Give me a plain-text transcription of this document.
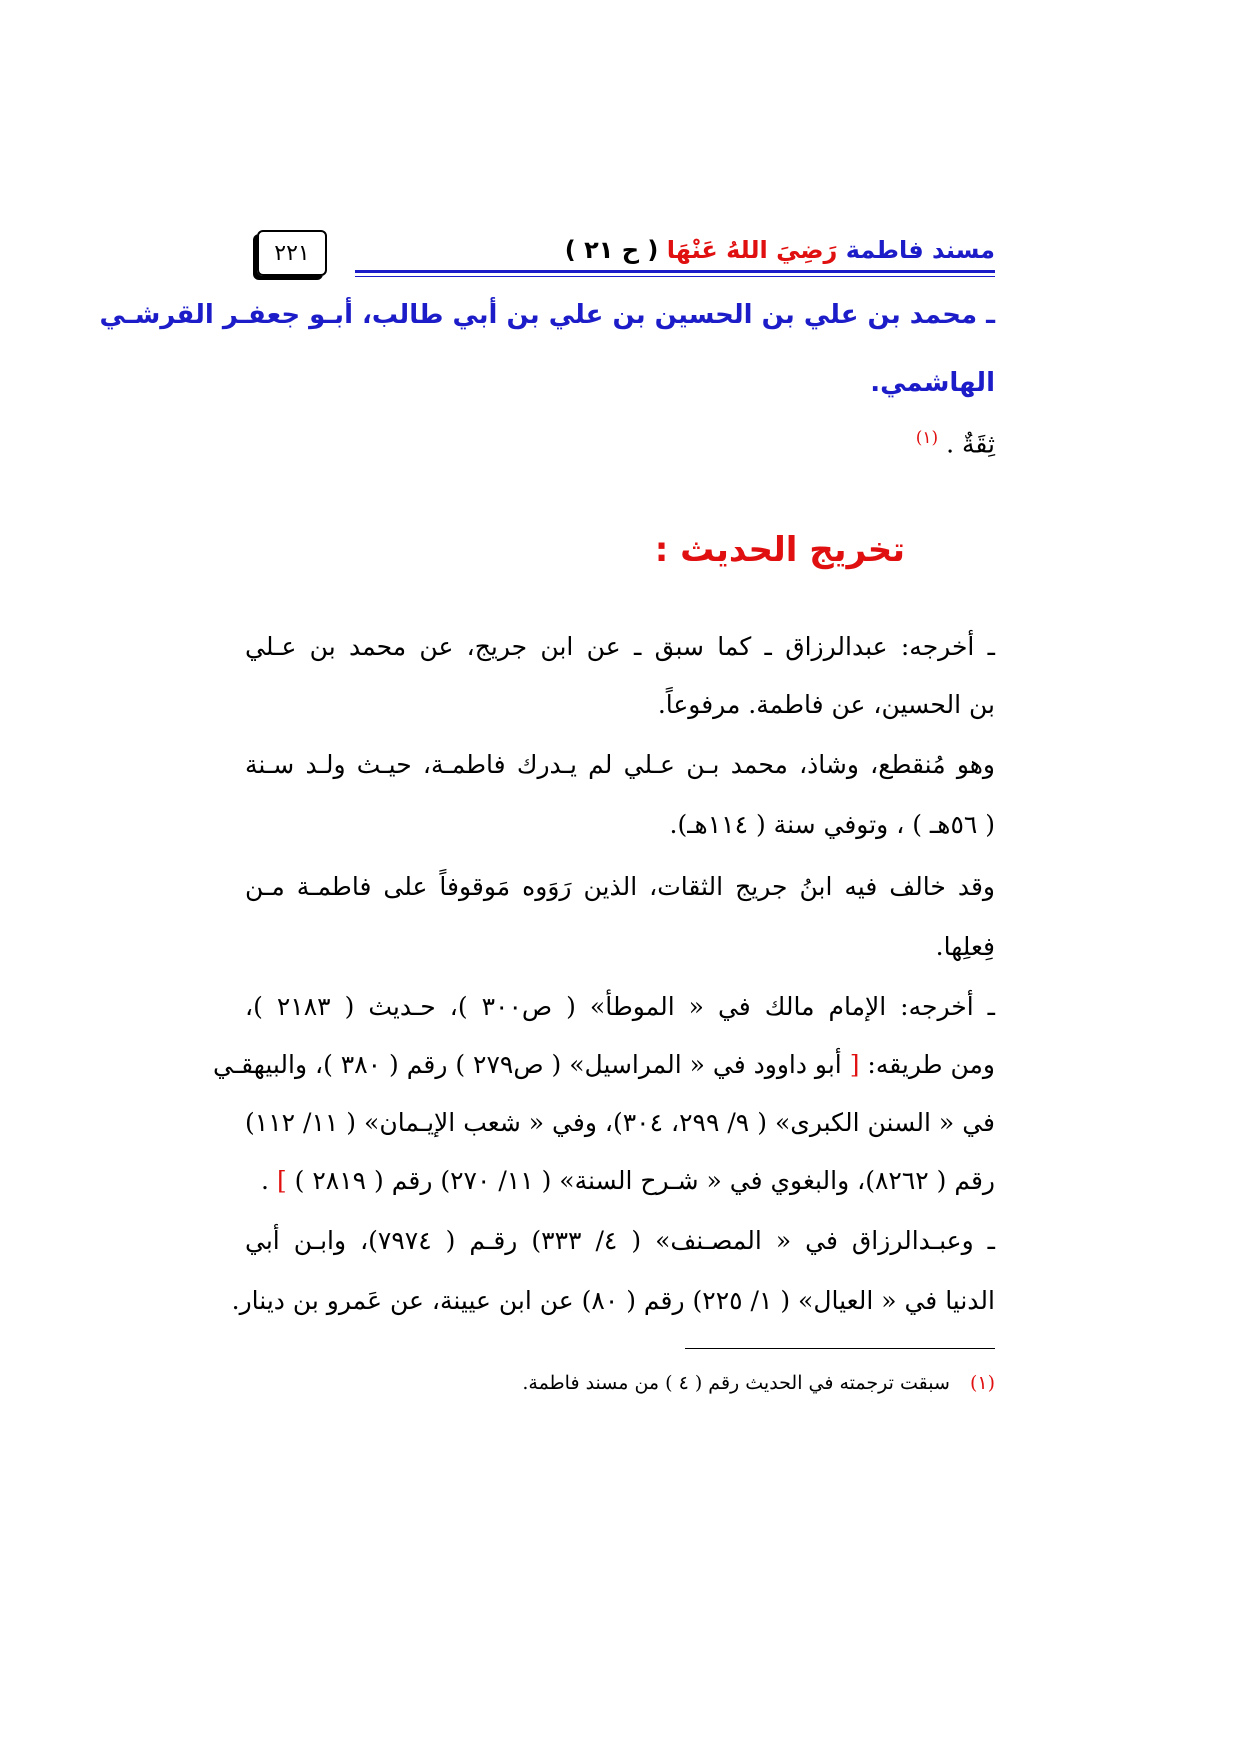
مسند فاطمة رَضِيَ اللهُ عَنْهَا ( ح ٢١ )
٢٢١
ـ محمد بن علي بن الحسين بن علي بن أبي طالب، أبـو جعفـر القرشـي
الهاشمي.
ثِقَةٌ . $^{(١)}$
تخريج الحديث :
ـ أخرجه: عبدالرزاق ـ كما سبق ـ عن ابن جريج، عن محمد بن عـلي
بن الحسين، عن فاطمة. مرفوعاً.
وهو مُنقطع، وشاذ، محمد بـن عـلي لم يـدرك فاطمـة، حيـث ولـد سـنة
( ٥٦هـ ) ، وتوفي سنة ( ١١٤هـ).
وقد خالف فيه ابنُ جريج الثقات، الذين رَوَوه مَوقوفاً على فاطمـة مـن
فِعلِها.
ـ أخرجه: الإمام مالك في « الموطأ» ( ص٣٠٠ )، حـديث ( ٢١٨٣ )،
ومن طريقه: [ أبو داوود في « المراسيل» ( ص٢٧٩ ) رقم ( ٣٨٠ )، والبيهقـي
في « السنن الكبرى» ( ٩/ ٢٩٩، ٣٠٤)، وفي « شعب الإيـمان» ( ١١/ ١١٢)
رقم ( ٨٢٦٢)، والبغوي في « شـرح السنة» ( ١١/ ٢٧٠) رقم ( ٢٨١٩ ) ] .
ـ وعبـدالرزاق في « المصـنف» ( ٤/ ٣٣٣) رقـم ( ٧٩٧٤)، وابـن أبي
الدنيا في « العيال» ( ١/ ٢٢٥) رقم ( ٨٠) عن ابن عيينة، عن عَمرو بن دينار.
(١) سبقت ترجمته في الحديث رقم ( ٤ ) من مسند فاطمة.
